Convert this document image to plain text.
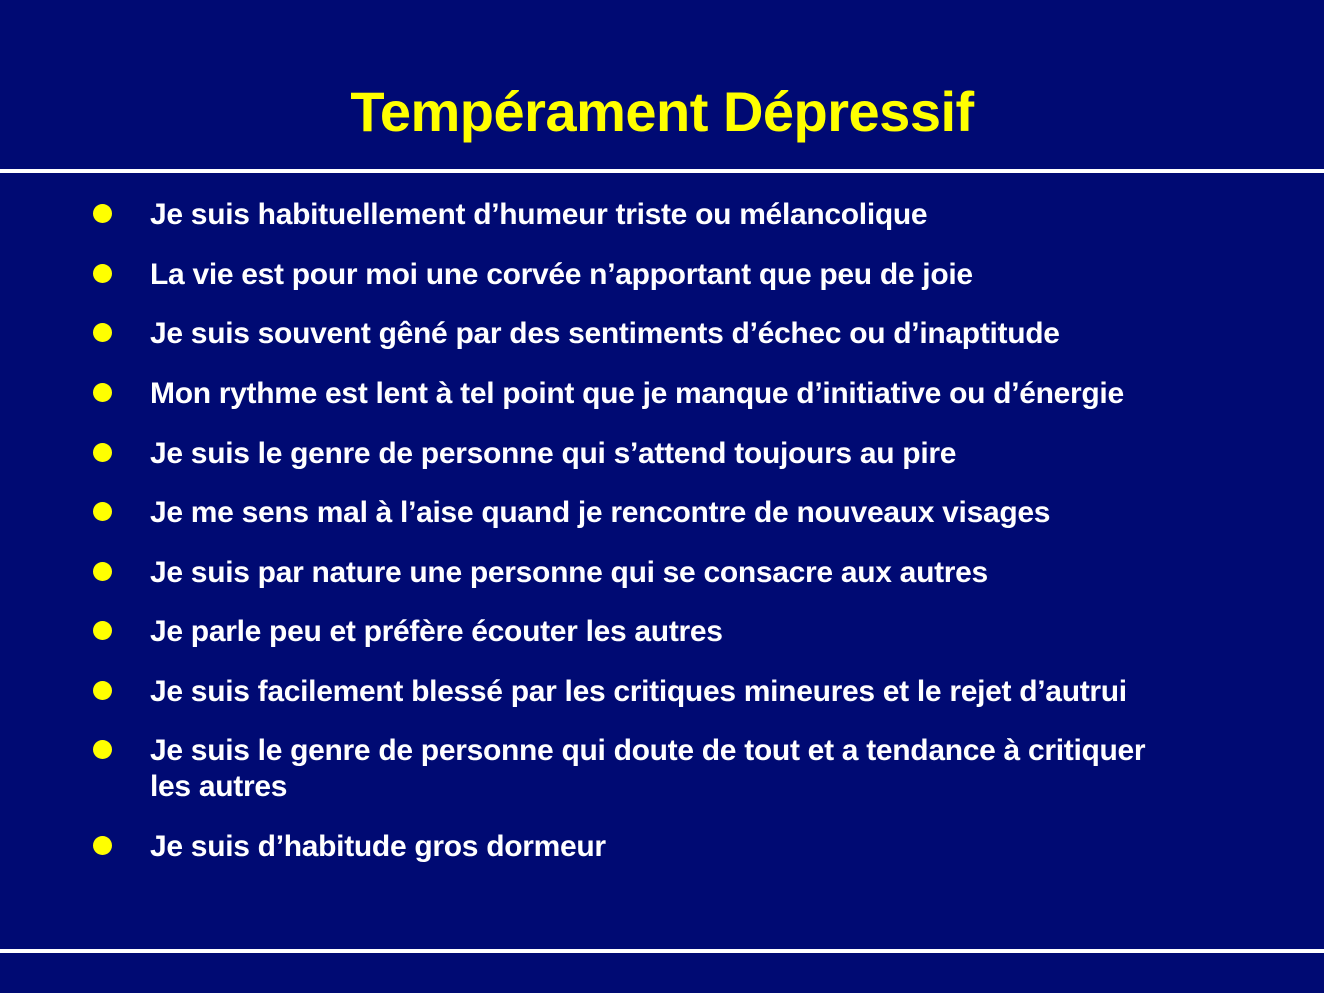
Tempérament Dépressif
Je suis habituellement d’humeur triste ou mélancolique
La vie est pour moi une corvée n’apportant que peu de joie
Je suis souvent gêné par des sentiments d’échec ou d’inaptitude
Mon rythme est lent à tel point que je manque d’initiative ou d’énergie
Je suis le genre de personne qui s’attend toujours au pire
Je me sens mal à l’aise quand je rencontre de nouveaux visages
Je suis par nature une personne qui se consacre aux autres
Je parle peu et préfère écouter les autres
Je suis facilement blessé par les critiques mineures et le rejet d’autrui
Je suis le genre de personne qui doute de tout et a tendance à critiquer les autres
Je suis d’habitude gros dormeur
